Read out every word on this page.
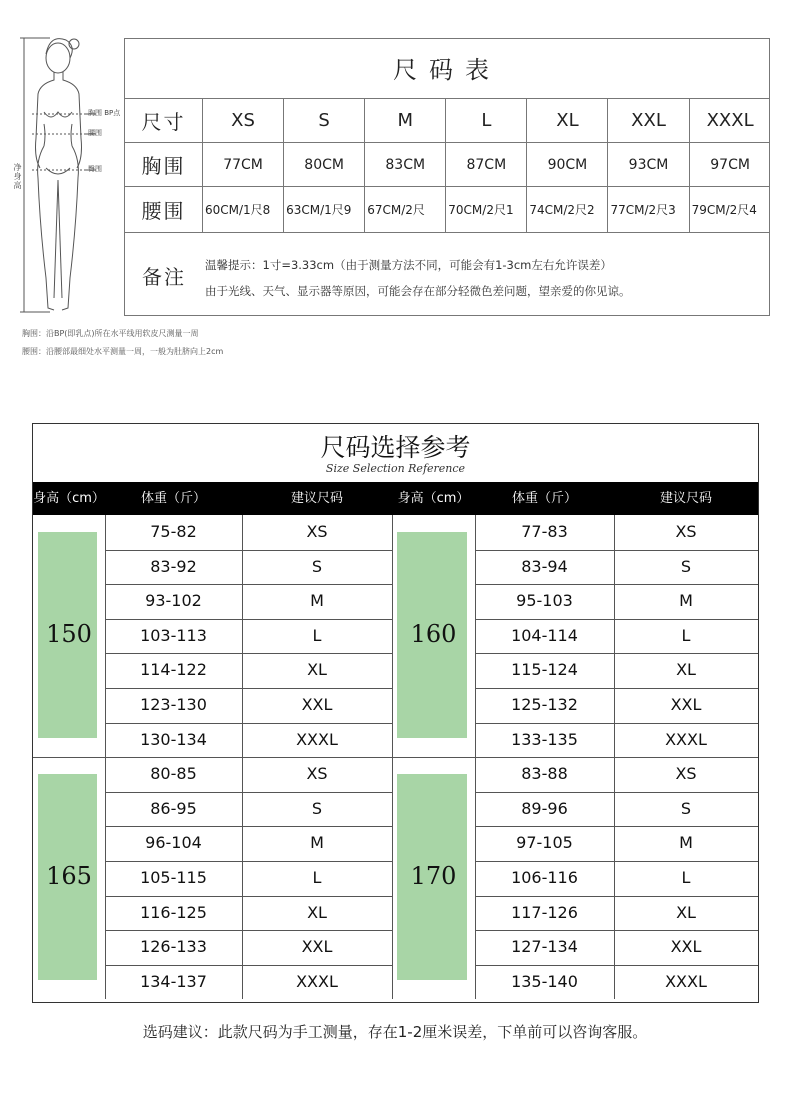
胸围 BP点
腰围
臀围
净身高
胸围：沿BP(即乳点)所在水平线用软皮尺测量一周
腰围：沿腰部最细处水平测量一周，一般为肚脐向上2cm
尺码表
尺寸	XS	S	M	L	XL	XXL	XXXL
胸围	77CM	80CM	83CM	87CM	90CM	93CM	97CM
腰围	60CM/1尺8	63CM/1尺9	67CM/2尺	70CM/2尺1	74CM/2尺2	77CM/2尺3	79CM/2尺4
备注	温馨提示：1寸=3.33cm（由于测量方法不同，可能会有1-3cm左右允许误差）
由于光线、天气、显示器等原因，可能会存在部分轻微色差问题，望亲爱的你见谅。
尺码选择参考
Size Selection Reference
身高（cm）	体重（斤）	建议尺码	身高（cm）	体重（斤）	建议尺码
150
75-82	XS
83-92	S
93-102	M
103-113	L
114-122	XL
123-130	XXL
130-134	XXXL
160
77-83	XS
83-94	S
95-103	M
104-114	L
115-124	XL
125-132	XXL
133-135	XXXL
165
80-85	XS
86-95	S
96-104	M
105-115	L
116-125	XL
126-133	XXL
134-137	XXXL
170
83-88	XS
89-96	S
97-105	M
106-116	L
117-126	XL
127-134	XXL
135-140	XXXL
选码建议：此款尺码为手工测量，存在1-2厘米误差，下单前可以咨询客服。
